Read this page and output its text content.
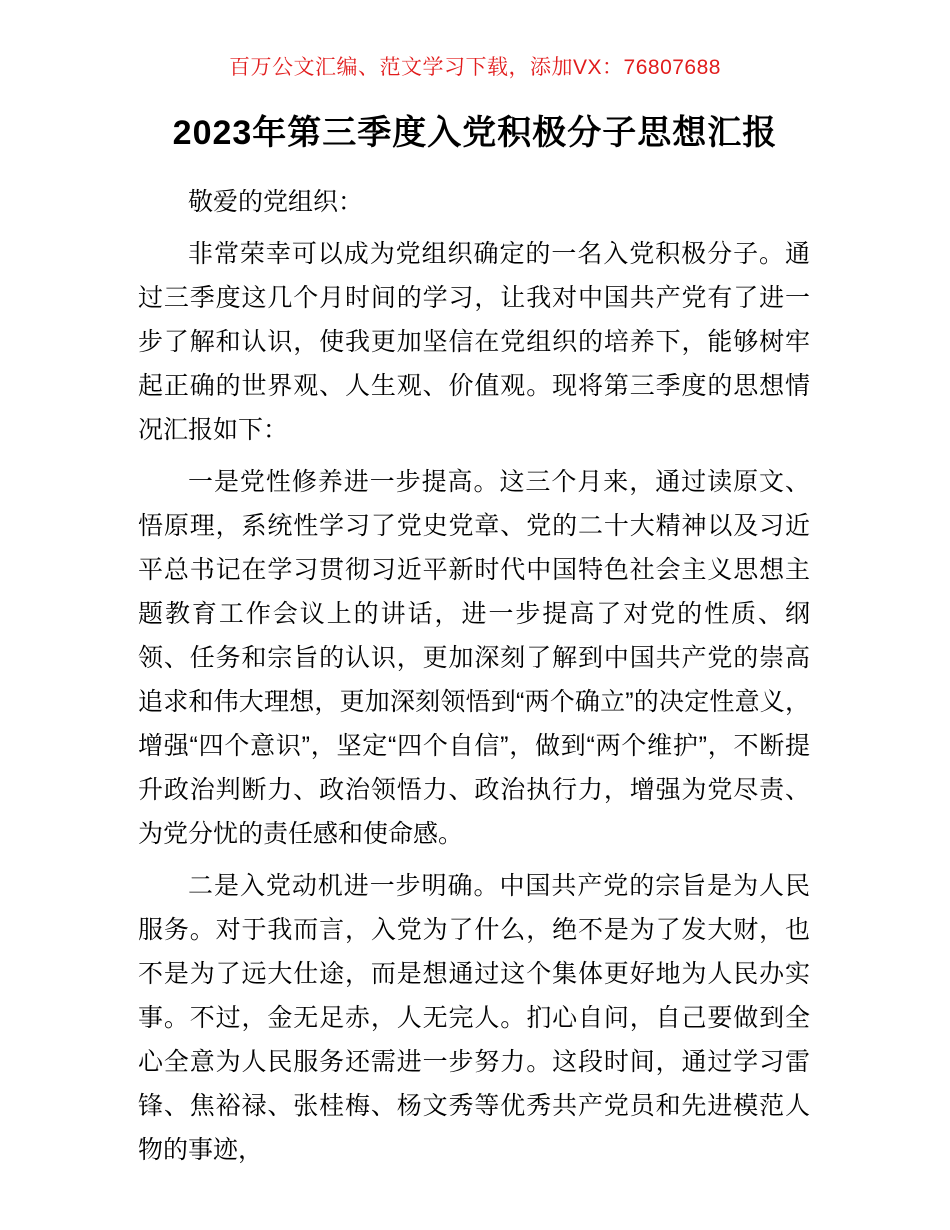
百万公文汇编、范文学习下载，添加VX：76807688
2023年第三季度入党积极分子思想汇报

敬爱的党组织：

非常荣幸可以成为党组织确定的一名入党积极分子。通过三季度这几个月时间的学习，让我对中国共产党有了进一步了解和认识，使我更加坚信在党组织的培养下，能够树牢起正确的世界观、人生观、价值观。现将第三季度的思想情况汇报如下：

一是党性修养进一步提高。这三个月来，通过读原文、悟原理，系统性学习了党史党章、党的二十大精神以及习近平总书记在学习贯彻习近平新时代中国特色社会主义思想主题教育工作会议上的讲话，进一步提高了对党的性质、纲领、任务和宗旨的认识，更加深刻了解到中国共产党的崇高追求和伟大理想，更加深刻领悟到“两个确立”的决定性意义，增强“四个意识”，坚定“四个自信”，做到“两个维护”，不断提升政治判断力、政治领悟力、政治执行力，增强为党尽责、为党分忧的责任感和使命感。

二是入党动机进一步明确。中国共产党的宗旨是为人民服务。对于我而言，入党为了什么，绝不是为了发大财，也不是为了远大仕途，而是想通过这个集体更好地为人民办实事。不过，金无足赤，人无完人。扪心自问，自己要做到全心全意为人民服务还需进一步努力。这段时间，通过学习雷锋、焦裕禄、张桂梅、杨文秀等优秀共产党员和先进模范人物的事迹，
